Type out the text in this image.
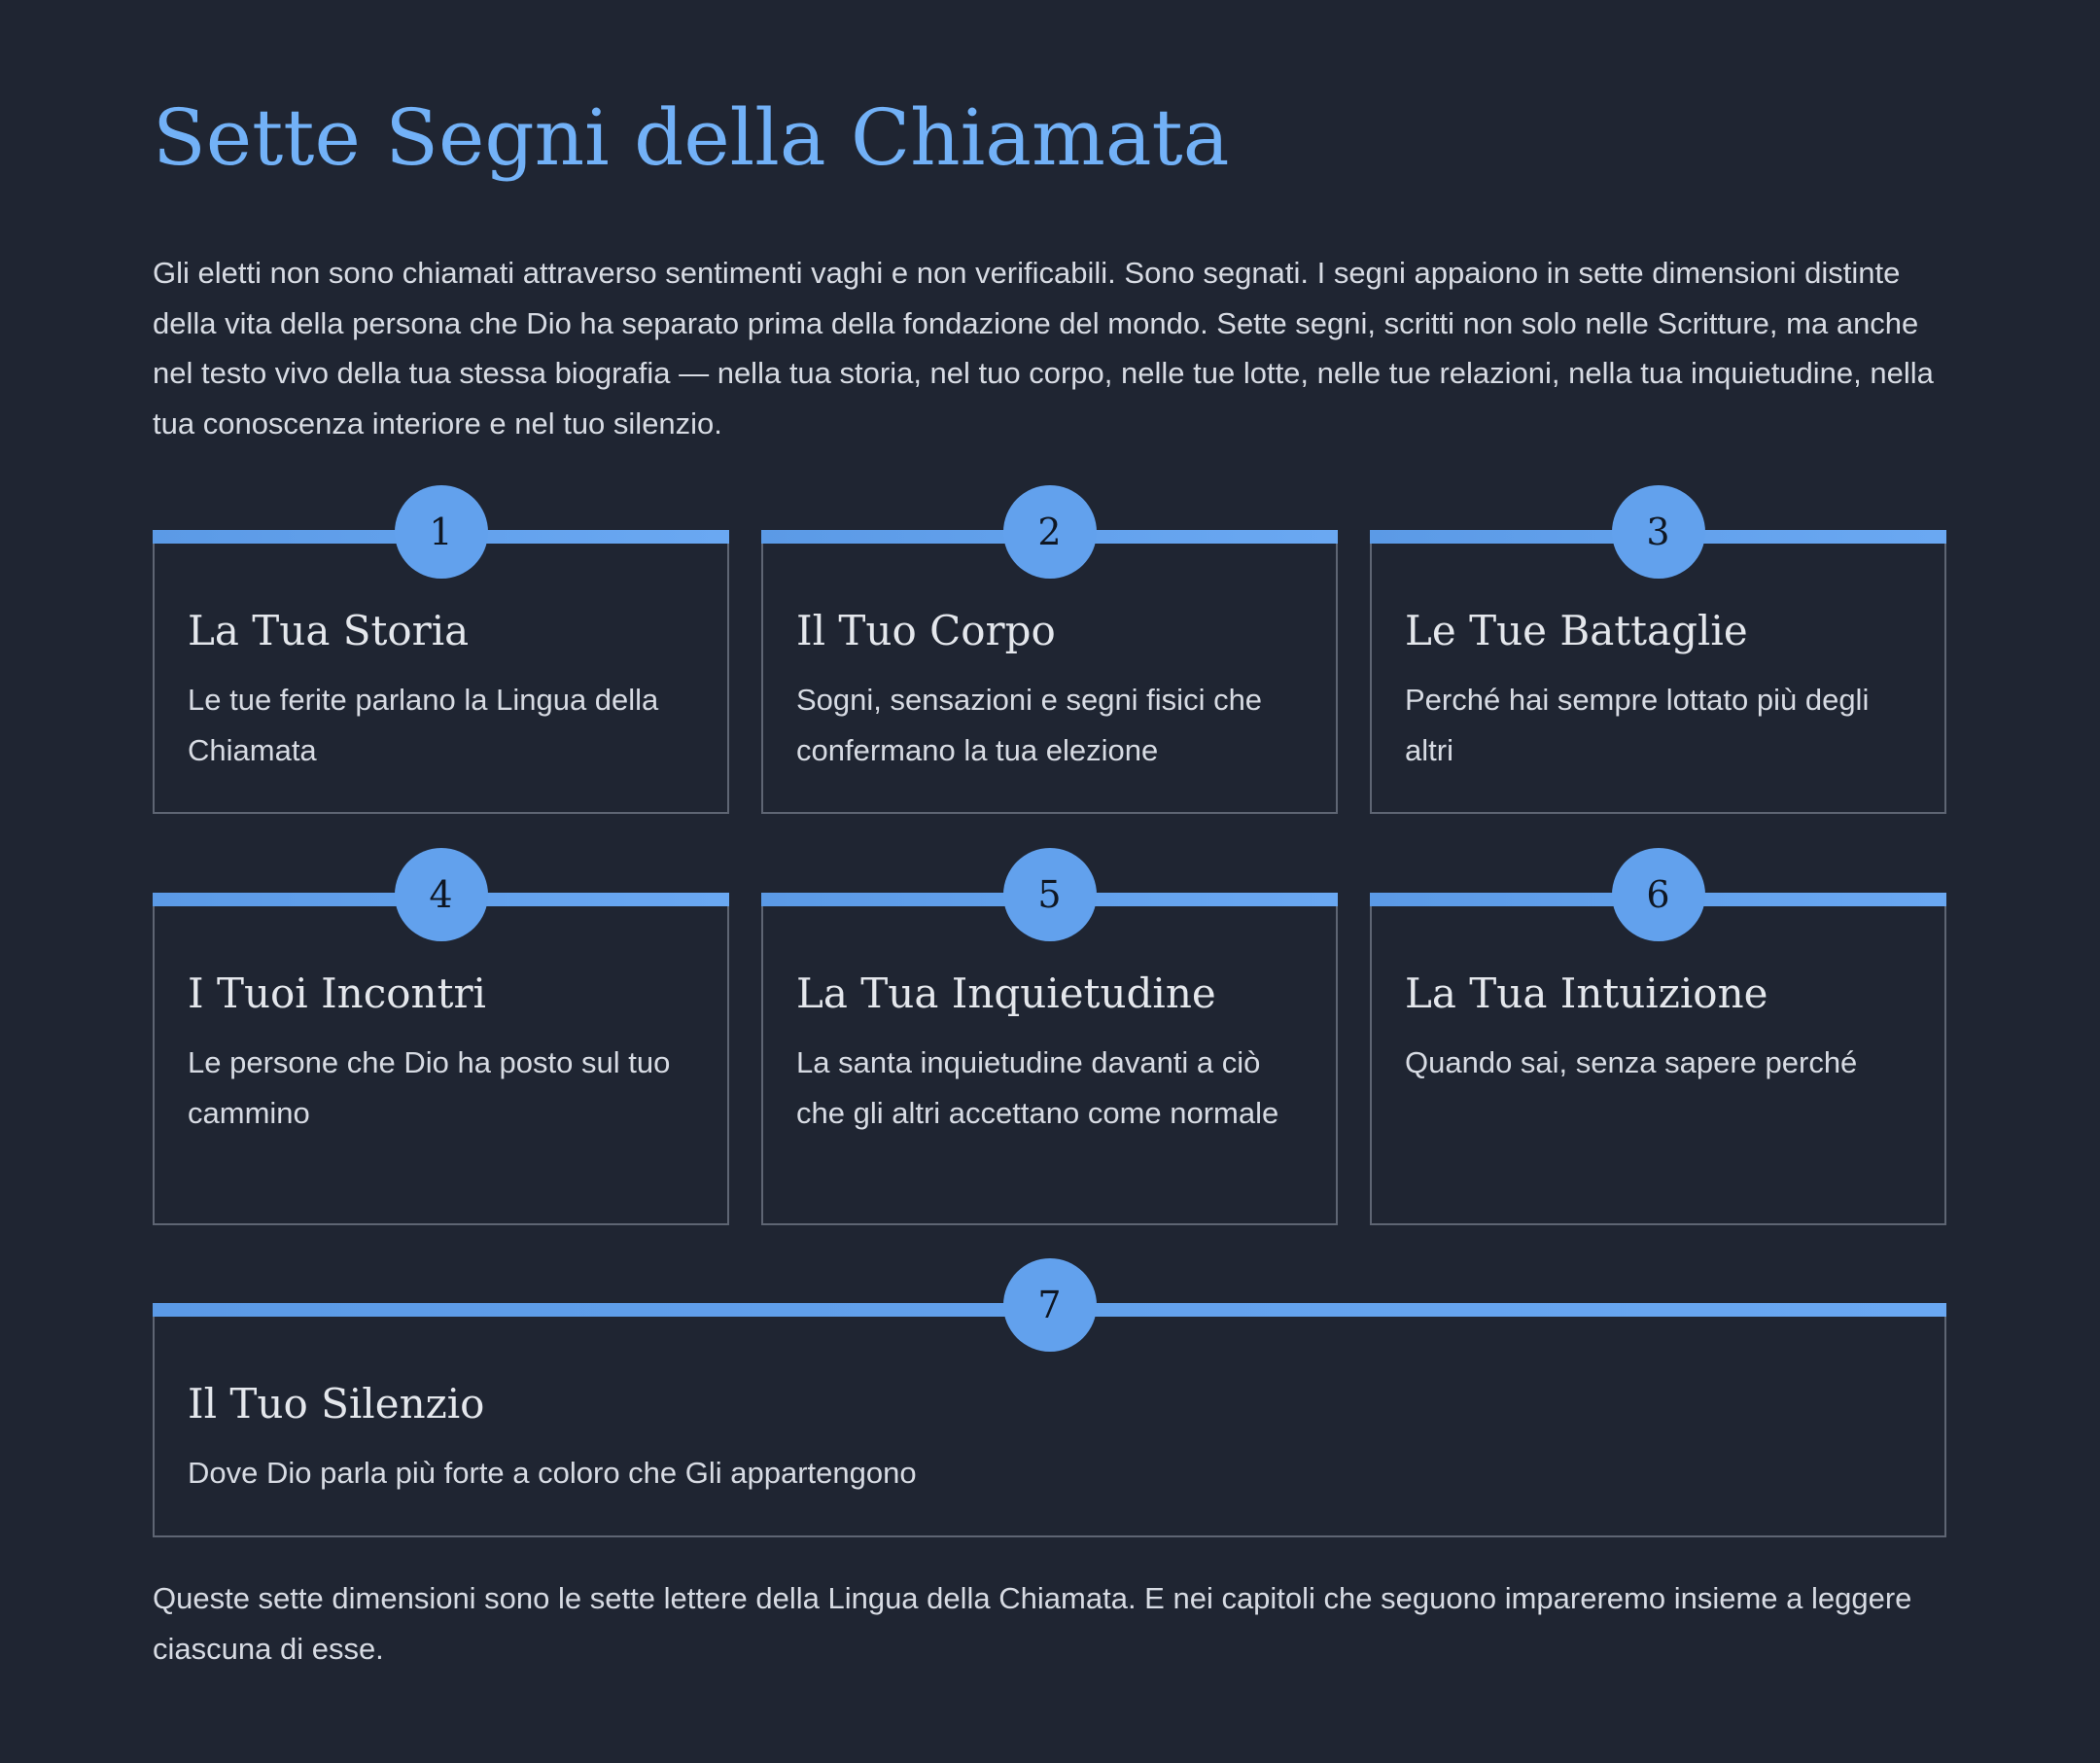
Sette Segni della Chiamata

Gli eletti non sono chiamati attraverso sentimenti vaghi e non verificabili. Sono segnati. I segni appaiono in sette dimensioni distinte della vita della persona che Dio ha separato prima della fondazione del mondo. Sette segni, scritti non solo nelle Scritture, ma anche nel testo vivo della tua stessa biografia — nella tua storia, nel tuo corpo, nelle tue lotte, nelle tue relazioni, nella tua inquietudine, nella tua conoscenza interiore e nel tuo silenzio.

1
La Tua Storia

Le tue ferite parlano la Lingua della Chiamata

2
Il Tuo Corpo

Sogni, sensazioni e segni fisici che confermano la tua elezione

3
Le Tue Battaglie

Perché hai sempre lottato più degli altri

4
I Tuoi Incontri

Le persone che Dio ha posto sul tuo cammino

5
La Tua Inquietudine

La santa inquietudine davanti a ciò che gli altri accettano come normale

6
La Tua Intuizione

Quando sai, senza sapere perché

7
Il Tuo Silenzio

Dove Dio parla più forte a coloro che Gli appartengono

Queste sette dimensioni sono le sette lettere della Lingua della Chiamata. E nei capitoli che seguono impareremo insieme a leggere ciascuna di esse.
